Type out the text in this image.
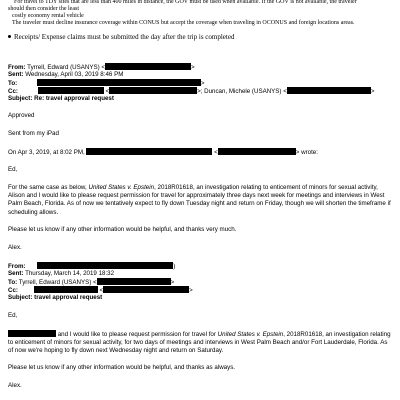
For travel to TDY sites that are less than 400 miles in distance, the GOV must be used when available. If the GOV is not available, the traveler
should then consider the least
costly economy rental vehicle
The traveler must decline insurance coverage within CONUS but accept the coverage when traveling in OCONUS and foreign locations areas.
Receipts/ Expense claims must be submitted the day after the trip is completed
From: Tyrrell, Edward (USANYS) <	>
Sent: Wednesday, April 03, 2019 8:46 PM
To:	>
Cc:	<	>; Duncan, Michele (USANYS) <	>
Subject: Re: travel approval request
Approved
Sent from my iPad
On Apr 3, 2019, at 8:02 PM,	<	> wrote:
Ed,
For the same case as below, United States v. Epstein, 2018R01618, an investigation relating to enticement of minors for sexual activity, Alison and I would like to please request permission for travel for approximately three days next week for meetings and interviews in West Palm Beach, Florida. As of now we tentatively expect to fly down Tuesday night and return on Friday, though we will shorten the timeframe if scheduling allows.
Please let us know if any other information would be helpful, and thanks very much.
Alex.
From:	)
Sent: Thursday, March 14, 2019 18:32
To: Tyrrell, Edward (USANYS) <	>
Cc:	<	>
Subject: travel approval request
Ed,
and I would like to please request permission for travel for United States v. Epstein, 2018R01618, an investigation relating to enticement of minors for sexual activity, for two days of meetings and interviews in West Palm Beach and/or Fort Lauderdale, Florida. As of now we're hoping to fly down next Wednesday night and return on Saturday.
Please let us know if any other information would be helpful, and thanks as always.
Alex.
